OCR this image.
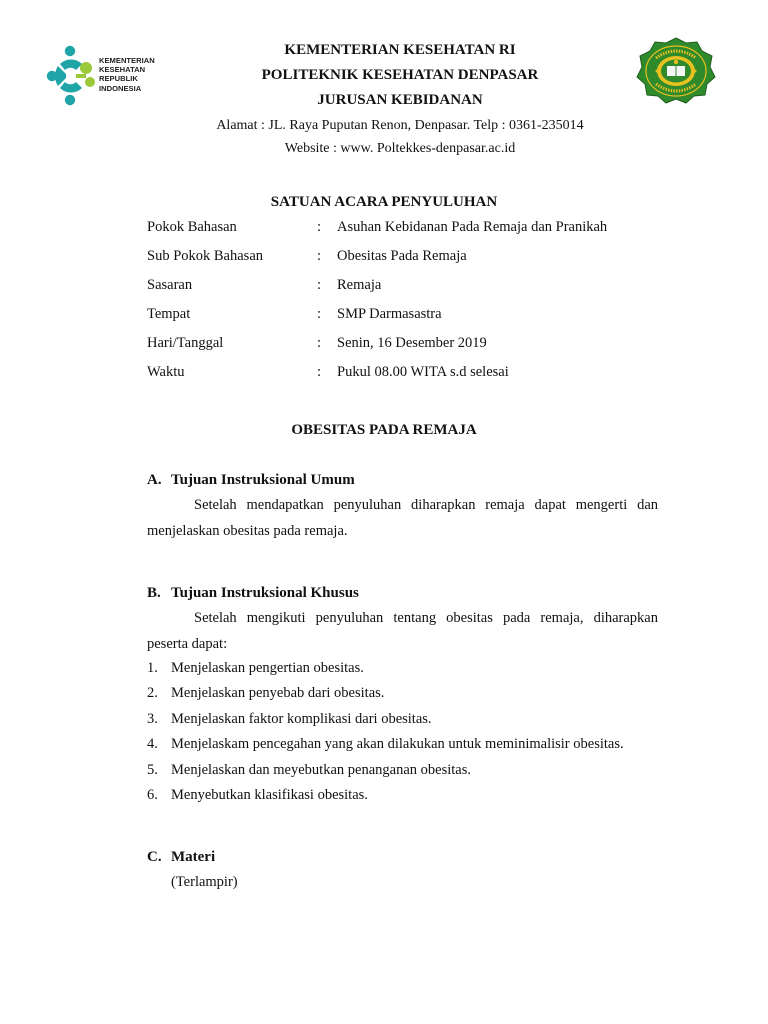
KEMENTERIAN
KESEHATAN
REPUBLIK
INDONESIA
KEMENTERIAN KESEHATAN RI
POLITEKNIK KESEHATAN DENPASAR
JURUSAN KEBIDANAN
Alamat : JL. Raya Puputan Renon, Denpasar. Telp : 0361-235014
Website : www. Poltekkes-denpasar.ac.id
SATUAN ACARA PENYULUHAN
Pokok Bahasan	: Asuhan Kebidanan Pada Remaja dan Pranikah
Sub Pokok Bahasan	: Obesitas Pada Remaja
Sasaran	: Remaja
Tempat	: SMP Darmasastra
Hari/Tanggal	: Senin, 16 Desember 2019
Waktu	: Pukul 08.00 WITA s.d selesai
OBESITAS PADA REMAJA
A. Tujuan Instruksional Umum
Setelah mendapatkan penyuluhan diharapkan remaja dapat mengerti dan
menjelaskan obesitas pada remaja.
B. Tujuan Instruksional Khusus
Setelah mengikuti penyuluhan tentang obesitas pada remaja, diharapkan
peserta dapat:
1. Menjelaskan pengertian obesitas.
2. Menjelaskan penyebab dari obesitas.
3. Menjelaskan faktor komplikasi dari obesitas.
4. Menjelaskam pencegahan yang akan dilakukan untuk meminimalisir obesitas.
5. Menjelaskan dan meyebutkan penanganan obesitas.
6. Menyebutkan klasifikasi obesitas.
C. Materi
(Terlampir)
